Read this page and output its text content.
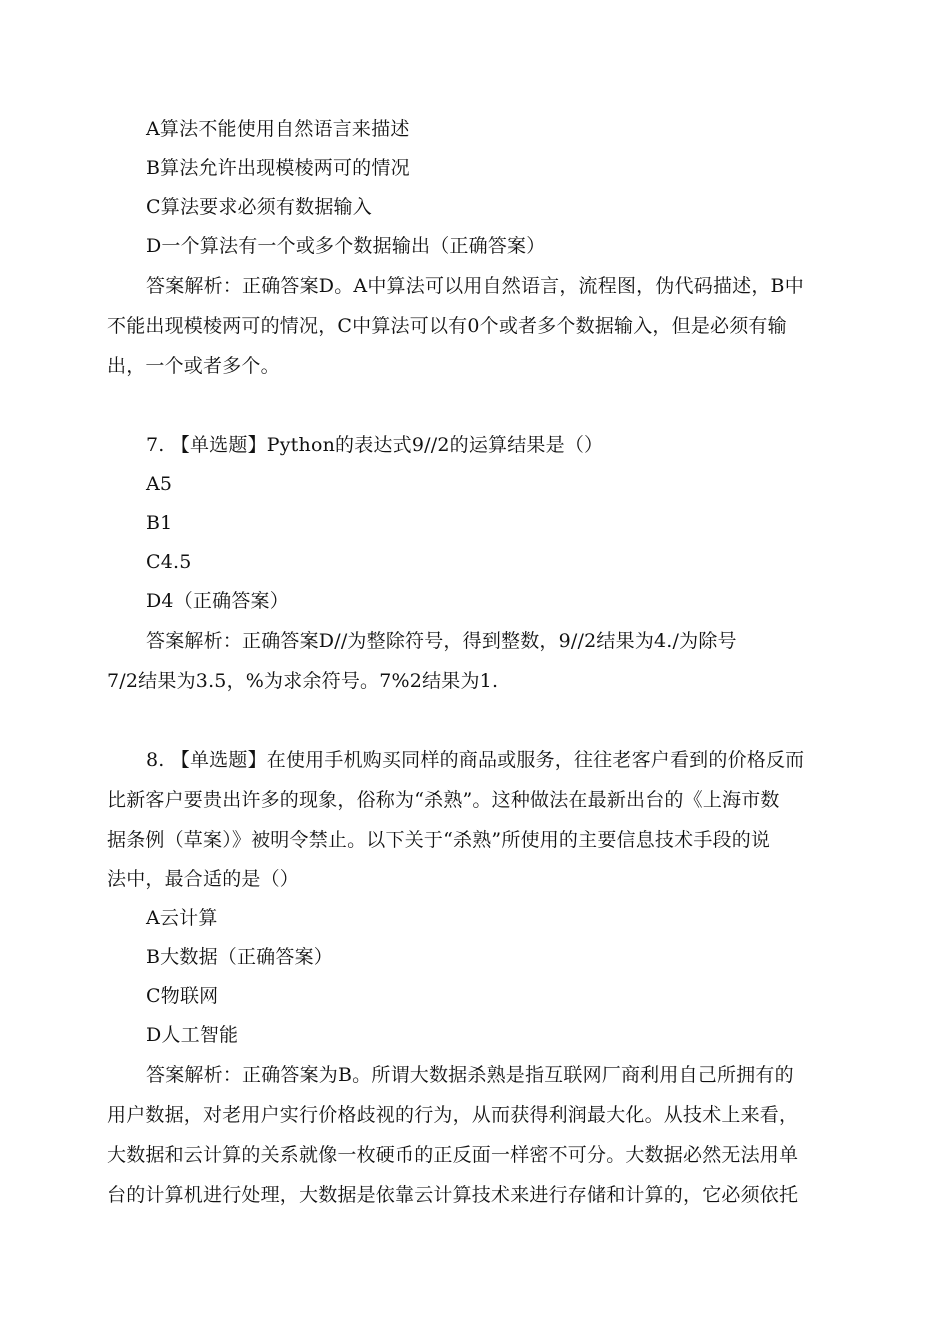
A算法不能使用自然语言来描述
B算法允许出现模棱两可的情况
C算法要求必须有数据输入
D一个算法有一个或多个数据输出（正确答案）
答案解析：正确答案D。A中算法可以用自然语言，流程图，伪代码描述，B中
不能出现模棱两可的情况，C中算法可以有0个或者多个数据输入，但是必须有输
出，一个或者多个。
7. 【单选题】Python的表达式9//2的运算结果是（）
A5
B1
C4.5
D4（正确答案）
答案解析：正确答案D//为整除符号，得到整数，9//2结果为4./为除号
7/2结果为3.5，%为求余符号。7%2结果为1.
8. 【单选题】在使用手机购买同样的商品或服务，往往老客户看到的价格反而
比新客户要贵出许多的现象，俗称为“杀熟”。这种做法在最新出台的《上海市数
据条例（草案）》被明令禁止。以下关于“杀熟”所使用的主要信息技术手段的说
法中，最合适的是（）
A云计算
B大数据（正确答案）
C物联网
D人工智能
答案解析：正确答案为B。所谓大数据杀熟是指互联网厂商利用自己所拥有的
用户数据，对老用户实行价格歧视的行为，从而获得利润最大化。从技术上来看，
大数据和云计算的关系就像一枚硬币的正反面一样密不可分。大数据必然无法用单
台的计算机进行处理，大数据是依靠云计算技术来进行存储和计算的，它必须依托
